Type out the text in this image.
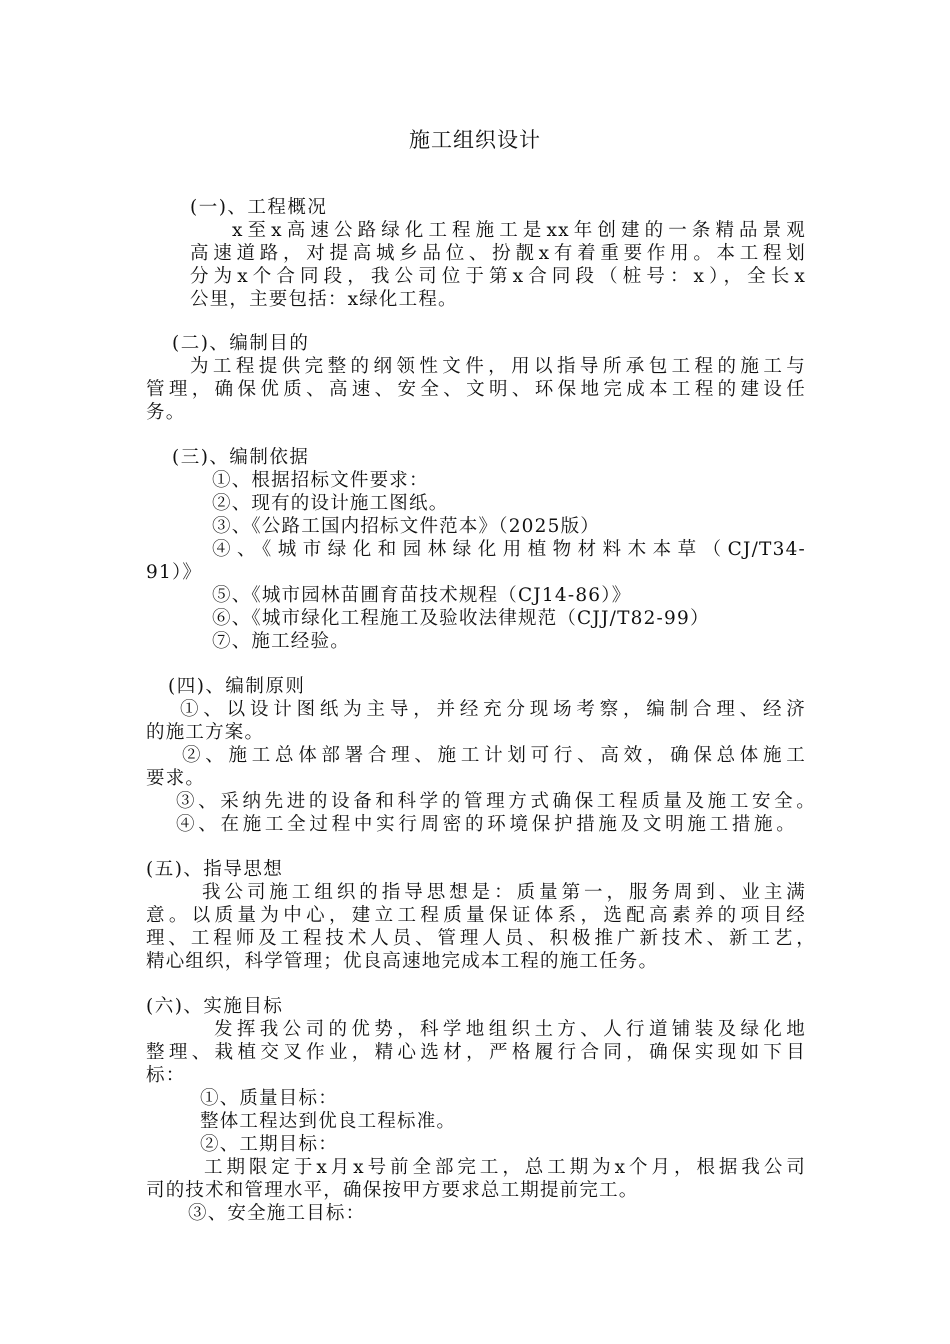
施工组织设计
(一)、工程概况
x至x高速公路绿化工程施工是xx年创建的一条精品景观
高速道路，对提高城乡品位、扮靓x有着重要作用。本工程划
分为x个合同段，我公司位于第x合同段（桩号：x），全长x
公里，主要包括：x绿化工程。
(二)、编制目的
为工程提供完整的纲领性文件，用以指导所承包工程的施工与
管理，确保优质、高速、安全、文明、环保地完成本工程的建设任
务。
(三)、编制依据
①、根据招标文件要求：
②、现有的设计施工图纸。
③、《公路工国内招标文件范本》（2025版）
④、《城市绿化和园林绿化用植物材料木本草（CJ/T34-
91）》
⑤、《城市园林苗圃育苗技术规程（CJ14-86）》
⑥、《城市绿化工程施工及验收法律规范（CJJ/T82-99）
⑦、施工经验。
(四)、编制原则
①、以设计图纸为主导，并经充分现场考察，编制合理、经济
的施工方案。
②、施工总体部署合理、施工计划可行、高效，确保总体施工
要求。
③、采纳先进的设备和科学的管理方式确保工程质量及施工安全。
④、在施工全过程中实行周密的环境保护措施及文明施工措施。
(五)、指导思想
我公司施工组织的指导思想是：质量第一，服务周到、业主满
意。以质量为中心，建立工程质量保证体系，选配高素养的项目经
理、工程师及工程技术人员、管理人员、积极推广新技术、新工艺，
精心组织，科学管理；优良高速地完成本工程的施工任务。
(六)、实施目标
发挥我公司的优势，科学地组织土方、人行道铺装及绿化地
整理、栽植交叉作业，精心选材，严格履行合同，确保实现如下目
标：
①、质量目标：
整体工程达到优良工程标准。
②、工期目标：
工期限定于x月x号前全部完工，总工期为x个月，根据我公司
司的技术和管理水平，确保按甲方要求总工期提前完工。
③、安全施工目标：
